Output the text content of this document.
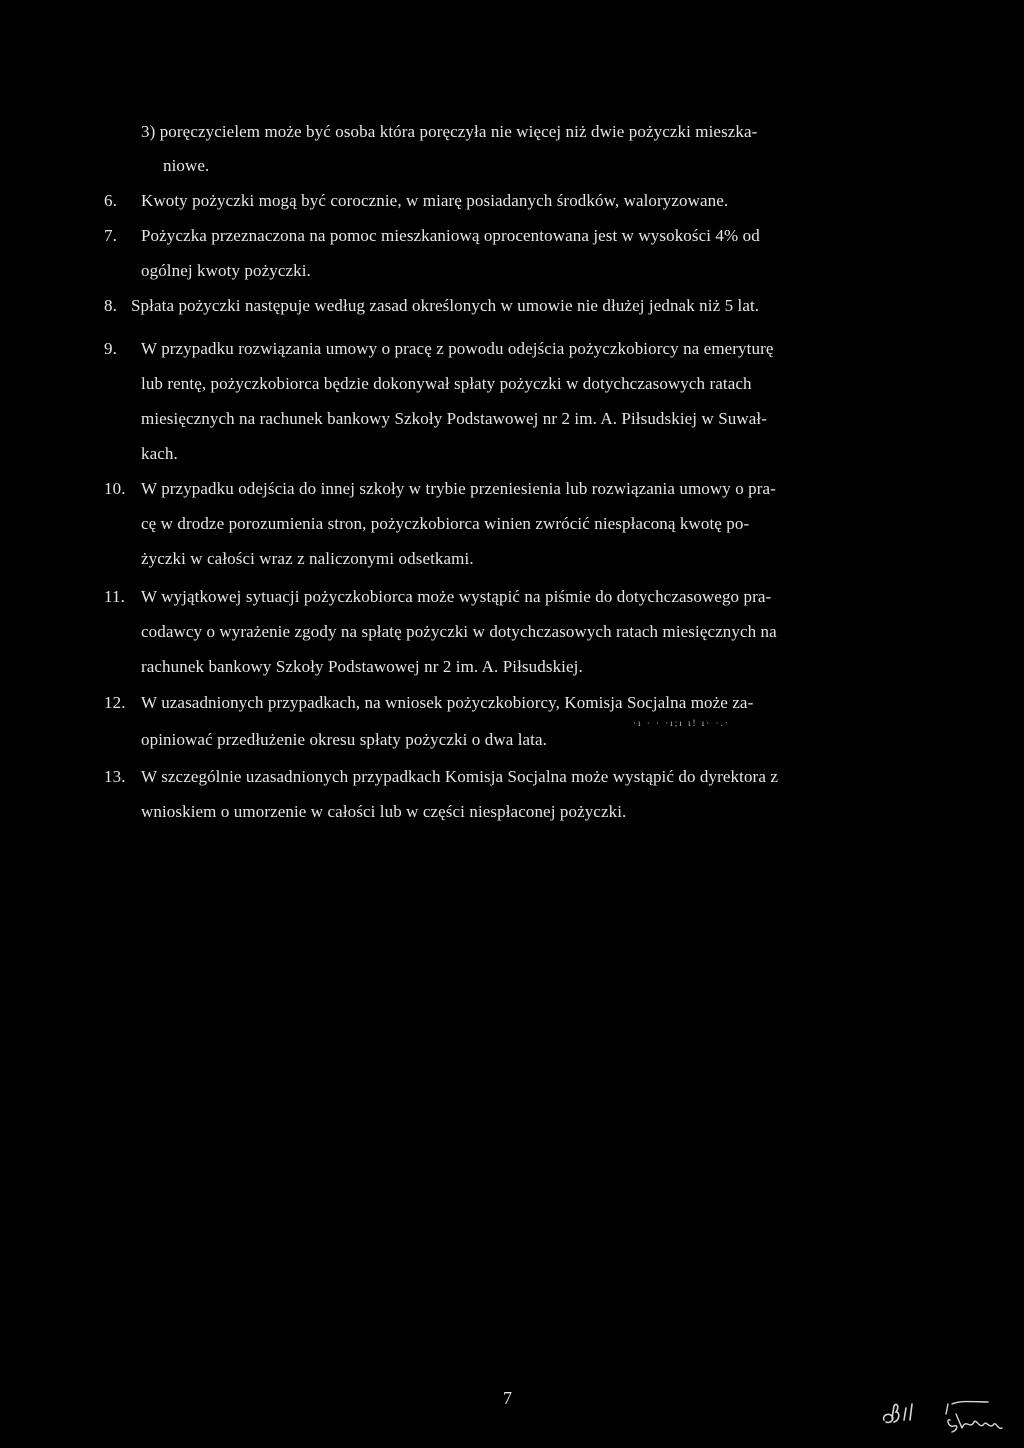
3) poręczycielem może być osoba która poręczyła nie więcej niż dwie pożyczki mieszka-
niowe.
6. Kwoty pożyczki mogą być corocznie, w miarę posiadanych środków, waloryzowane.
7. Pożyczka przeznaczona na pomoc mieszkaniową oprocentowana jest w wysokości 4% od
ogólnej kwoty pożyczki.
8. Spłata pożyczki następuje według zasad określonych w umowie nie dłużej jednak niż 5 lat.
9. W przypadku rozwiązania umowy o pracę z powodu odejścia pożyczkobiorcy na emeryturę
lub rentę, pożyczkobiorca będzie dokonywał spłaty pożyczki w dotychczasowych ratach
miesięcznych na rachunek bankowy Szkoły Podstawowej nr 2 im. A. Piłsudskiej w Suwał-
kach.
10. W przypadku odejścia do innej szkoły w trybie przeniesienia lub rozwiązania umowy o pra-
cę w drodze porozumienia stron, pożyczkobiorca winien zwrócić niespłaconą kwotę po-
życzki w całości wraz z naliczonymi odsetkami.
11. W wyjątkowej sytuacji pożyczkobiorca może wystąpić na piśmie do dotychczasowego pra-
codawcy o wyrażenie zgody na spłatę pożyczki w dotychczasowych ratach miesięcznych na
rachunek bankowy Szkoły Podstawowej nr 2 im. A. Piłsudskiej.
12. W uzasadnionych przypadkach, na wniosek pożyczkobiorcy, Komisja Socjalna może za-
opiniować przedłużenie okresu spłaty pożyczki o dwa lata.
·ı · · ·ı;ı ı! ı· ·.·
13. W szczególnie uzasadnionych przypadkach Komisja Socjalna może wystąpić do dyrektora z
wnioskiem o umorzenie w całości lub w części niespłaconej pożyczki.
7
